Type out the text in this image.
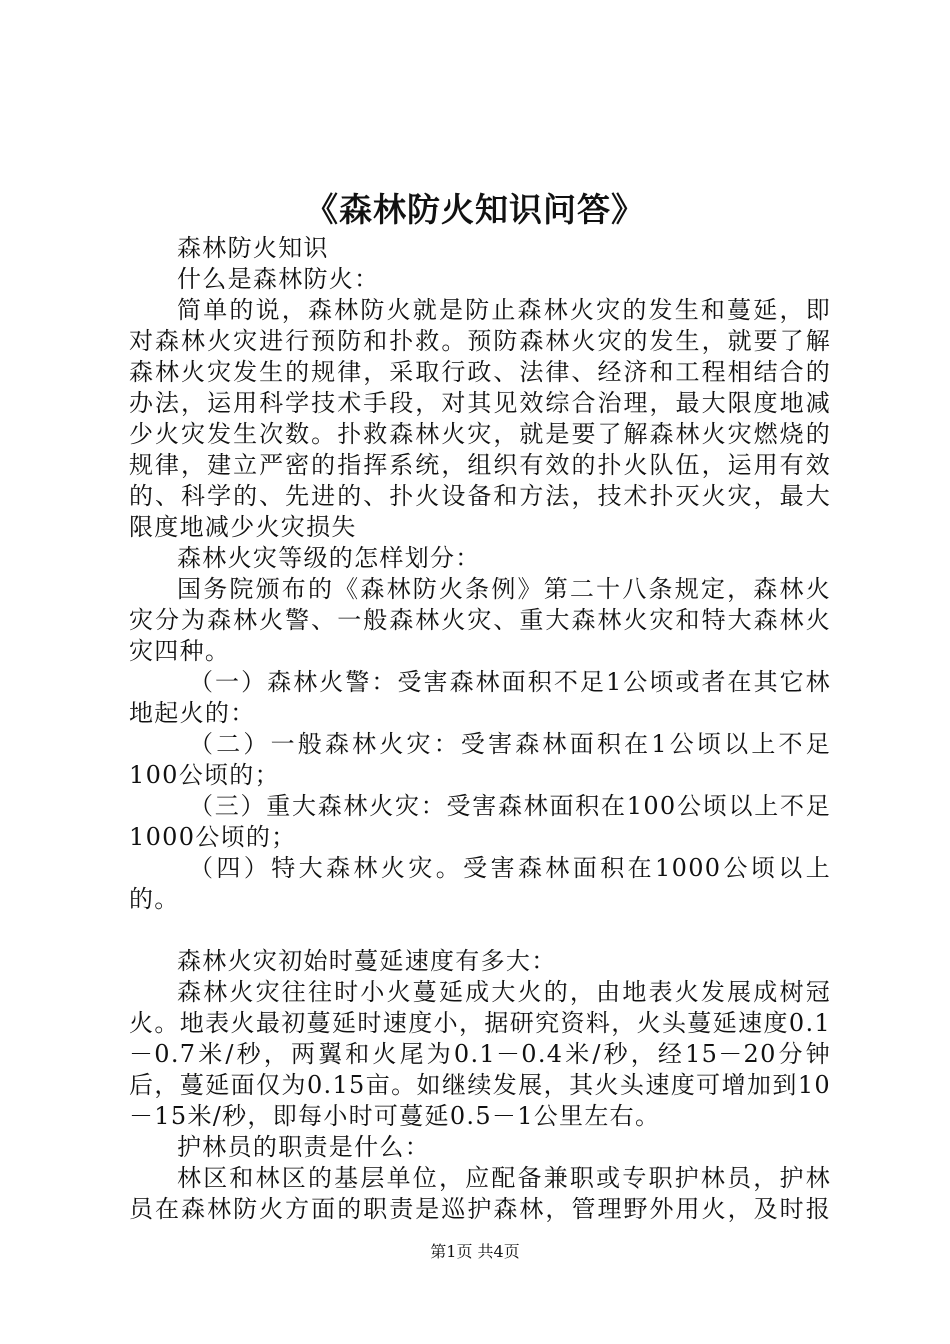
《森林防火知识问答》

森林防火知识

什么是森林防火：

简单的说，森林防火就是防止森林火灾的发生和蔓延，即对森林火灾进行预防和扑救。预防森林火灾的发生，就要了解森林火灾发生的规律，采取行政、法律、经济和工程相结合的办法，运用科学技术手段，对其见效综合治理，最大限度地减少火灾发生次数。扑救森林火灾，就是要了解森林火灾燃烧的规律，建立严密的指挥系统，组织有效的扑火队伍，运用有效的、科学的、先进的、扑火设备和方法，技术扑灭火灾，最大限度地减少火灾损失

森林火灾等级的怎样划分：

国务院颁布的《森林防火条例》第二十八条规定，森林火灾分为森林火警、一般森林火灾、重大森林火灾和特大森林火灾四种。

（一）森林火警：受害森林面积不足1公顷或者在其它林地起火的：

（二）一般森林火灾：受害森林面积在1公顷以上不足100公顷的；

（三）重大森林火灾：受害森林面积在100公顷以上不足1000公顷的；

（四）特大森林火灾。受害森林面积在1000公顷以上的。

森林火灾初始时蔓延速度有多大：

森林火灾往往时小火蔓延成大火的，由地表火发展成树冠火。地表火最初蔓延时速度小，据研究资料，火头蔓延速度0.1－0.7米/秒，两翼和火尾为0.1－0.4米/秒，经15－20分钟后，蔓延面仅为0.15亩。如继续发展，其火头速度可增加到10－15米/秒，即每小时可蔓延0.5－1公里左右。

护林员的职责是什么：

林区和林区的基层单位，应配备兼职或专职护林员，护林员在森林防火方面的职责是巡护森林，管理野外用火，及时报

第1页 共4页
